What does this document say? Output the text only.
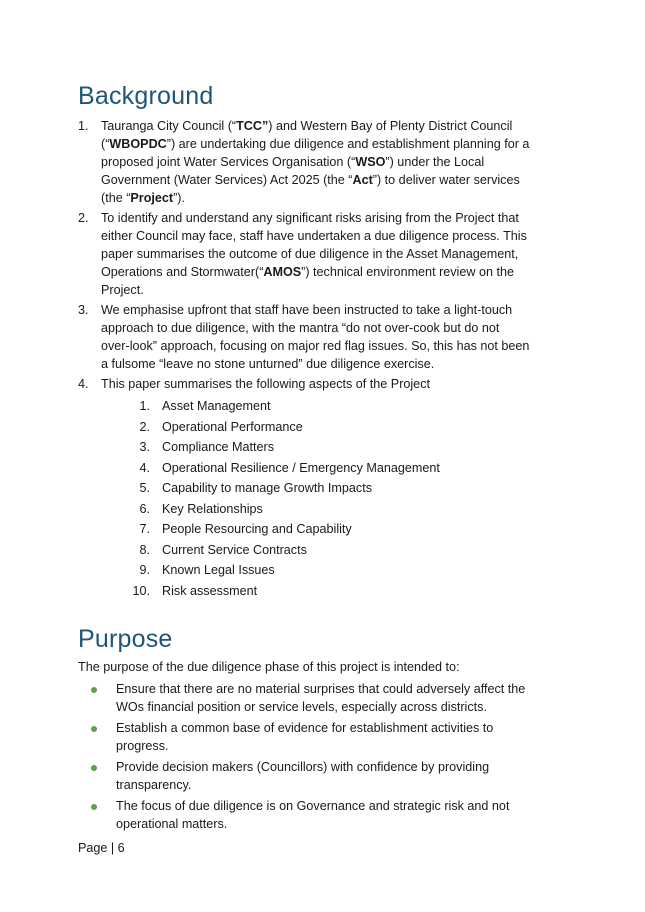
Background
1. Tauranga City Council (“TCC”) and Western Bay of Plenty District Council
(“WBOPDC”) are undertaking due diligence and establishment planning for a
proposed joint Water Services Organisation (“WSO”) under the Local
Government (Water Services) Act 2025 (the “Act”) to deliver water services
(the “Project”).
2. To identify and understand any significant risks arising from the Project that
either Council may face, staff have undertaken a due diligence process. This
paper summarises the outcome of due diligence in the Asset Management,
Operations and Stormwater(“AMOS”) technical environment review on the
Project.
3. We emphasise upfront that staff have been instructed to take a light-touch
approach to due diligence, with the mantra “do not over-cook but do not
over-look” approach, focusing on major red flag issues. So, this has not been
a fulsome “leave no stone unturned” due diligence exercise.
4. This paper summarises the following aspects of the Project
1. Asset Management
2. Operational Performance
3. Compliance Matters
4. Operational Resilience / Emergency Management
5. Capability to manage Growth Impacts
6. Key Relationships
7. People Resourcing and Capability
8. Current Service Contracts
9. Known Legal Issues
10. Risk assessment
Purpose

The purpose of the due diligence phase of this project is intended to:

Ensure that there are no material surprises that could adversely affect the
WOs financial position or service levels, especially across districts.
Establish a common base of evidence for establishment activities to
progress.
Provide decision makers (Councillors) with confidence by providing
transparency.
The focus of due diligence is on Governance and strategic risk and not
operational matters.
Page | 6
